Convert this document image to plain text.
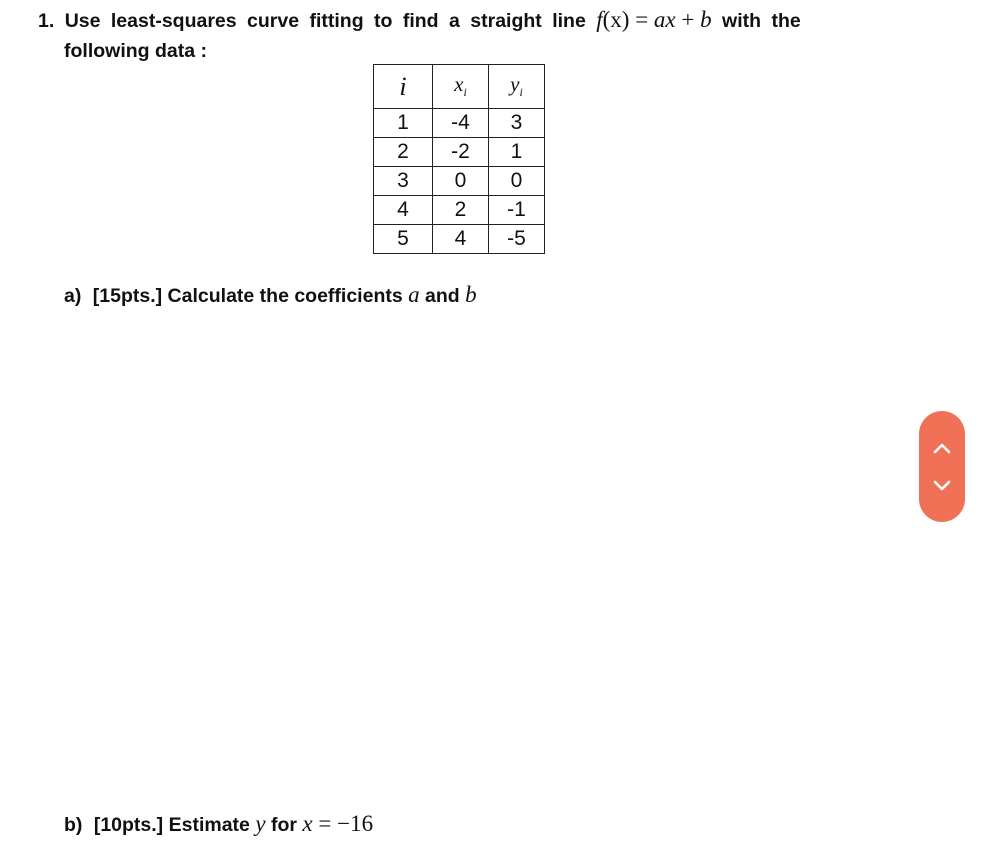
1. Use least-squares curve fitting to find a straight line f(x) = ax + b with the
following data :
i	$x_i$	$y_i$
1	-4	3
2	-2	1
3	0	0
4	2	-1
5	4	-5
a) [15pts.] Calculate the coefficients a and b
b) [10pts.] Estimate y for x = −16
